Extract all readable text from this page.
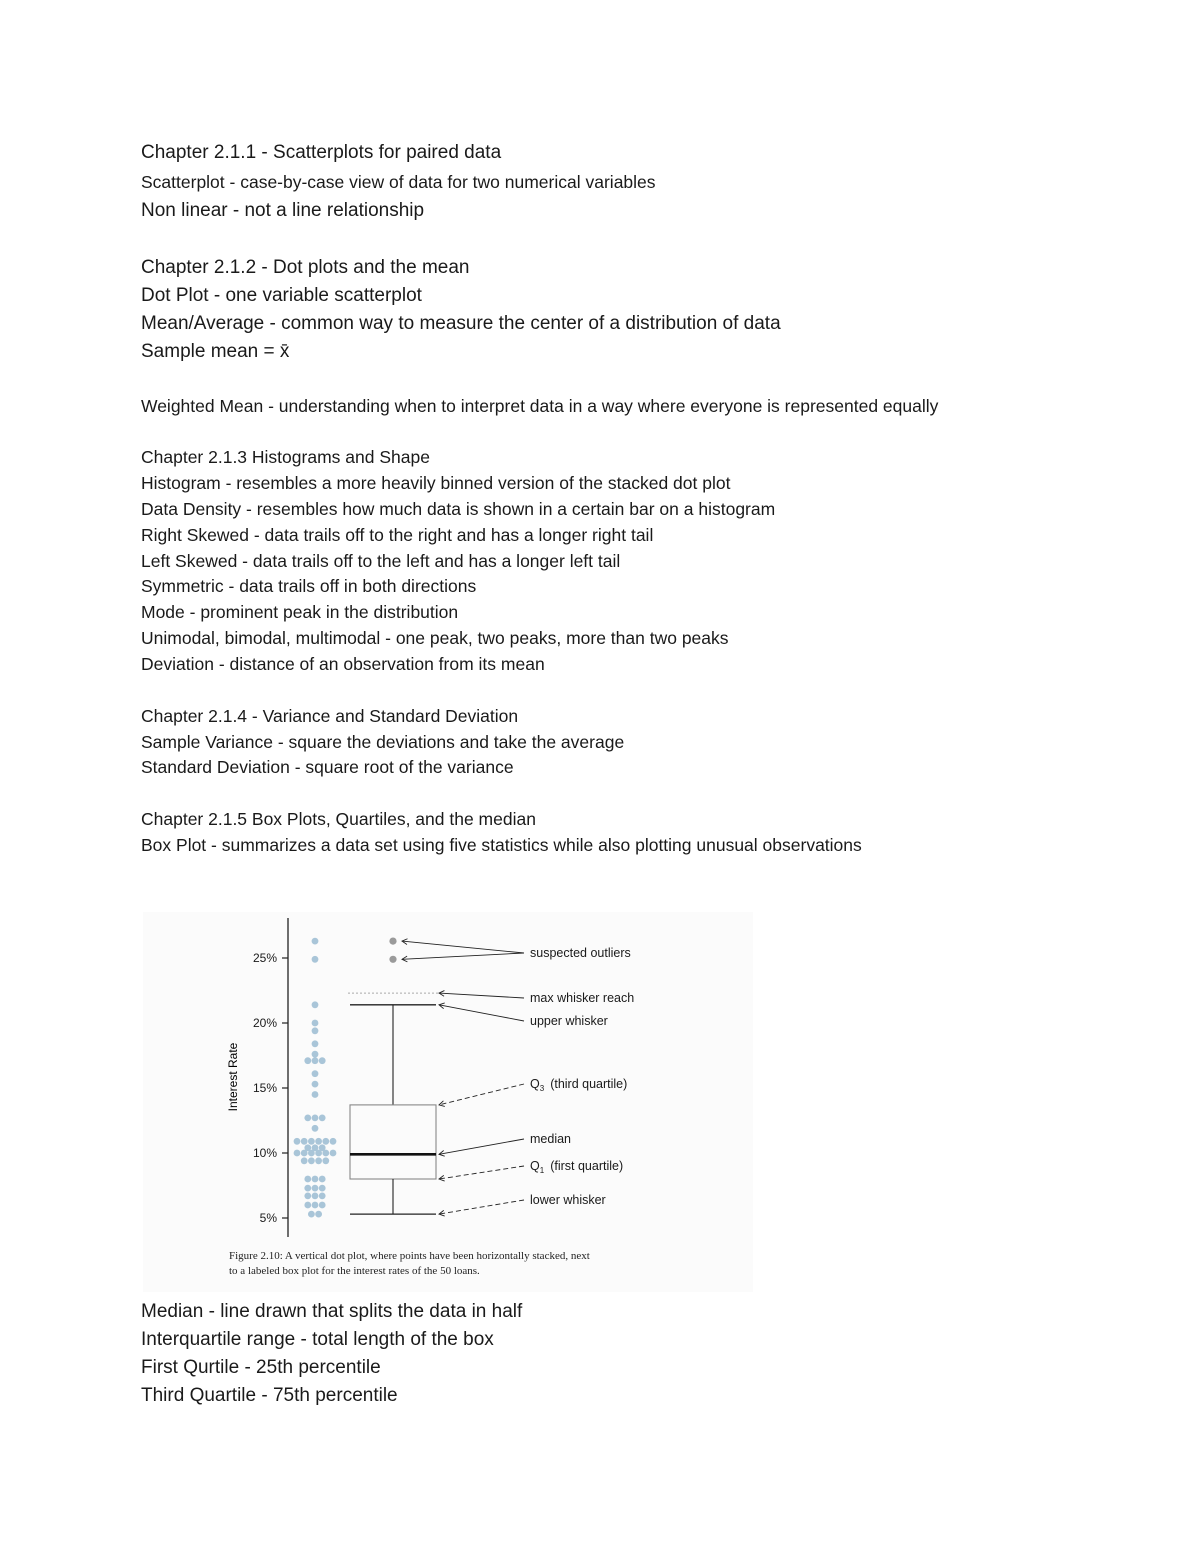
Chapter 2.1.1 - Scatterplots for paired data
Scatterplot - case-by-case view of data for two numerical variables
Non linear - not a line relationship
Chapter 2.1.2 - Dot plots and the mean
Dot Plot - one variable scatterplot
Mean/Average - common way to measure the center of a distribution of data
Sample mean = x̄
Weighted Mean - understanding when to interpret data in a way where everyone is represented equally
Chapter 2.1.3 Histograms and Shape
Histogram - resembles a more heavily binned version of the stacked dot plot
Data Density - resembles how much data is shown in a certain bar on a histogram
Right Skewed - data trails off to the right and has a longer right tail
Left Skewed - data trails off to the left and has a longer left tail
Symmetric - data trails off in both directions
Mode - prominent peak in the distribution
Unimodal, bimodal, multimodal - one peak, two peaks, more than two peaks
Deviation - distance of an observation from its mean
Chapter 2.1.4 - Variance and Standard Deviation
Sample Variance - square the deviations and take the average
Standard Deviation - square root of the variance
Chapter 2.1.5 Box Plots, Quartiles, and the median
Box Plot - summarizes a data set using five statistics while also plotting unusual observations
5%
10%
15%
20%
25%
Interest Rate
suspected outliers
max whisker reach
upper whisker
$Q_3$ (third quartile)
median
$Q_1$ (first quartile)
lower whisker
Figure 2.10: A vertical dot plot, where points have been horizontally stacked, next
to a labeled box plot for the interest rates of the 50 loans.
Median - line drawn that splits the data in half
Interquartile range - total length of the box
First Qurtile - 25th percentile
Third Quartile - 75th percentile
